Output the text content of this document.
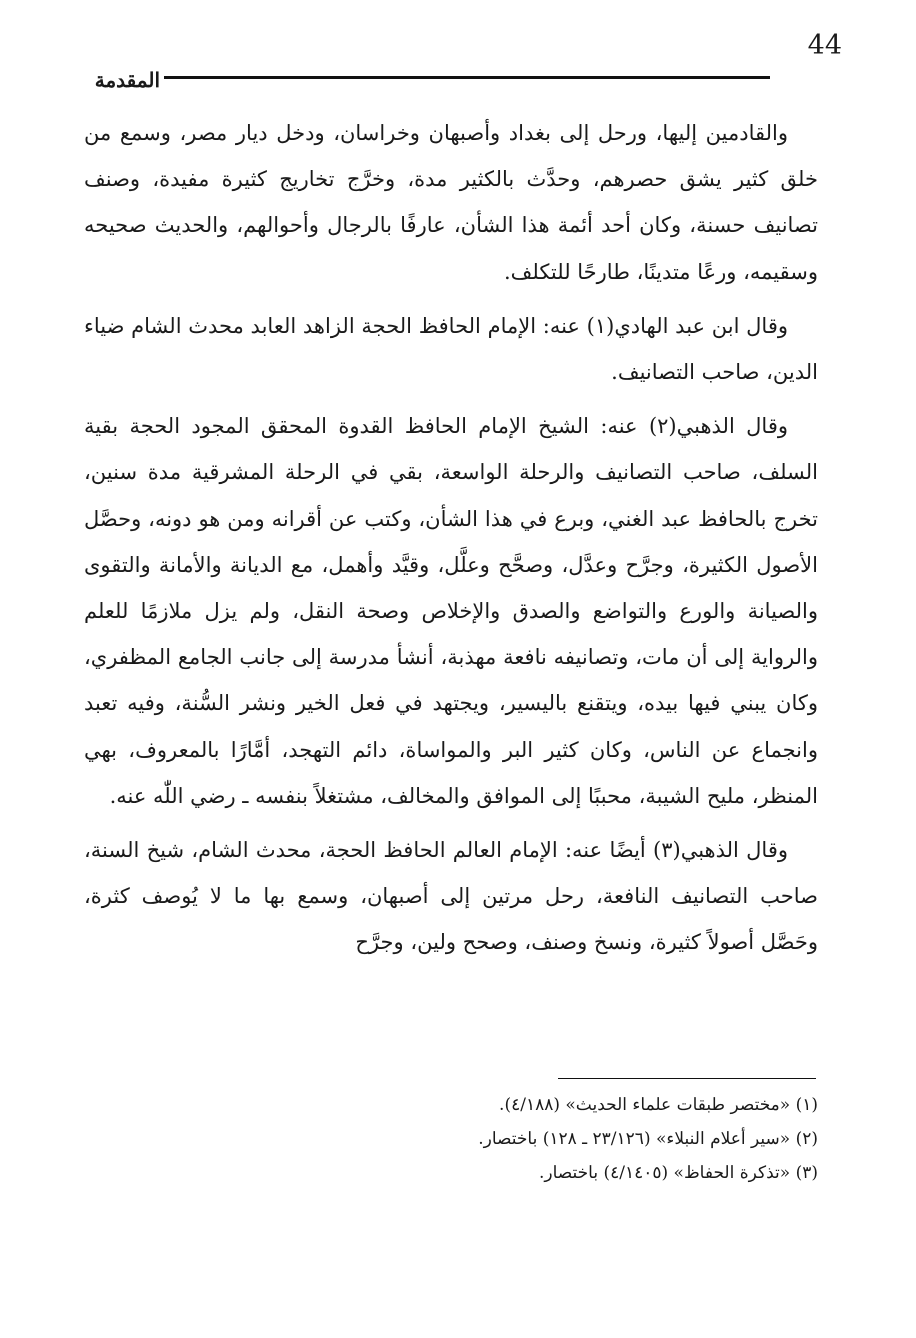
44
المقدمة

والقادمين إليها، ورحل إلى بغداد وأصبهان وخراسان، ودخل ديار مصر، وسمع من خلق كثير يشق حصرهم، وحدَّث بالكثير مدة، وخرَّج تخاريج كثيرة مفيدة، وصنف تصانيف حسنة، وكان أحد أئمة هذا الشأن، عارفًا بالرجال وأحوالهم، والحديث صحيحه وسقيمه، ورعًا متدينًا، طارحًا للتكلف.

وقال ابن عبد الهادي(١) عنه: الإمام الحافظ الحجة الزاهد العابد محدث الشام ضياء الدين، صاحب التصانيف.

وقال الذهبي(٢) عنه: الشيخ الإمام الحافظ القدوة المحقق المجود الحجة بقية السلف، صاحب التصانيف والرحلة الواسعة، بقي في الرحلة المشرقية مدة سنين، تخرج بالحافظ عبد الغني، وبرع في هذا الشأن، وكتب عن أقرانه ومن هو دونه، وحصَّل الأصول الكثيرة، وجرَّح وعدَّل، وصحَّح وعلَّل، وقيَّد وأهمل، مع الديانة والأمانة والتقوى والصيانة والورع والتواضع والصدق والإخلاص وصحة النقل، ولم يزل ملازمًا للعلم والرواية إلى أن مات، وتصانيفه نافعة مهذبة، أنشأ مدرسة إلى جانب الجامع المظفري، وكان يبني فيها بيده، ويتقنع باليسير، ويجتهد في فعل الخير ونشر السُّنة، وفيه تعبد وانجماع عن الناس، وكان كثير البر والمواساة، دائم التهجد، أمَّارًا بالمعروف، بهي المنظر، مليح الشيبة، محببًا إلى الموافق والمخالف، مشتغلاً بنفسه ـ رضي اللّٰه عنه.

وقال الذهبي(٣) أيضًا عنه: الإمام العالم الحافظ الحجة، محدث الشام، شيخ السنة، صاحب التصانيف النافعة، رحل مرتين إلى أصبهان، وسمع بها ما لا يُوصف كثرة، وحَصَّل أصولاً كثيرة، ونسخ وصنف، وصحح ولين، وجرَّح

(١) «مختصر طبقات علماء الحديث» (٤/١٨٨).

(٢) «سير أعلام النبلاء» (٢٣/١٢٦ ـ ١٢٨) باختصار.

(٣) «تذكرة الحفاظ» (٤/١٤٠٥) باختصار.
